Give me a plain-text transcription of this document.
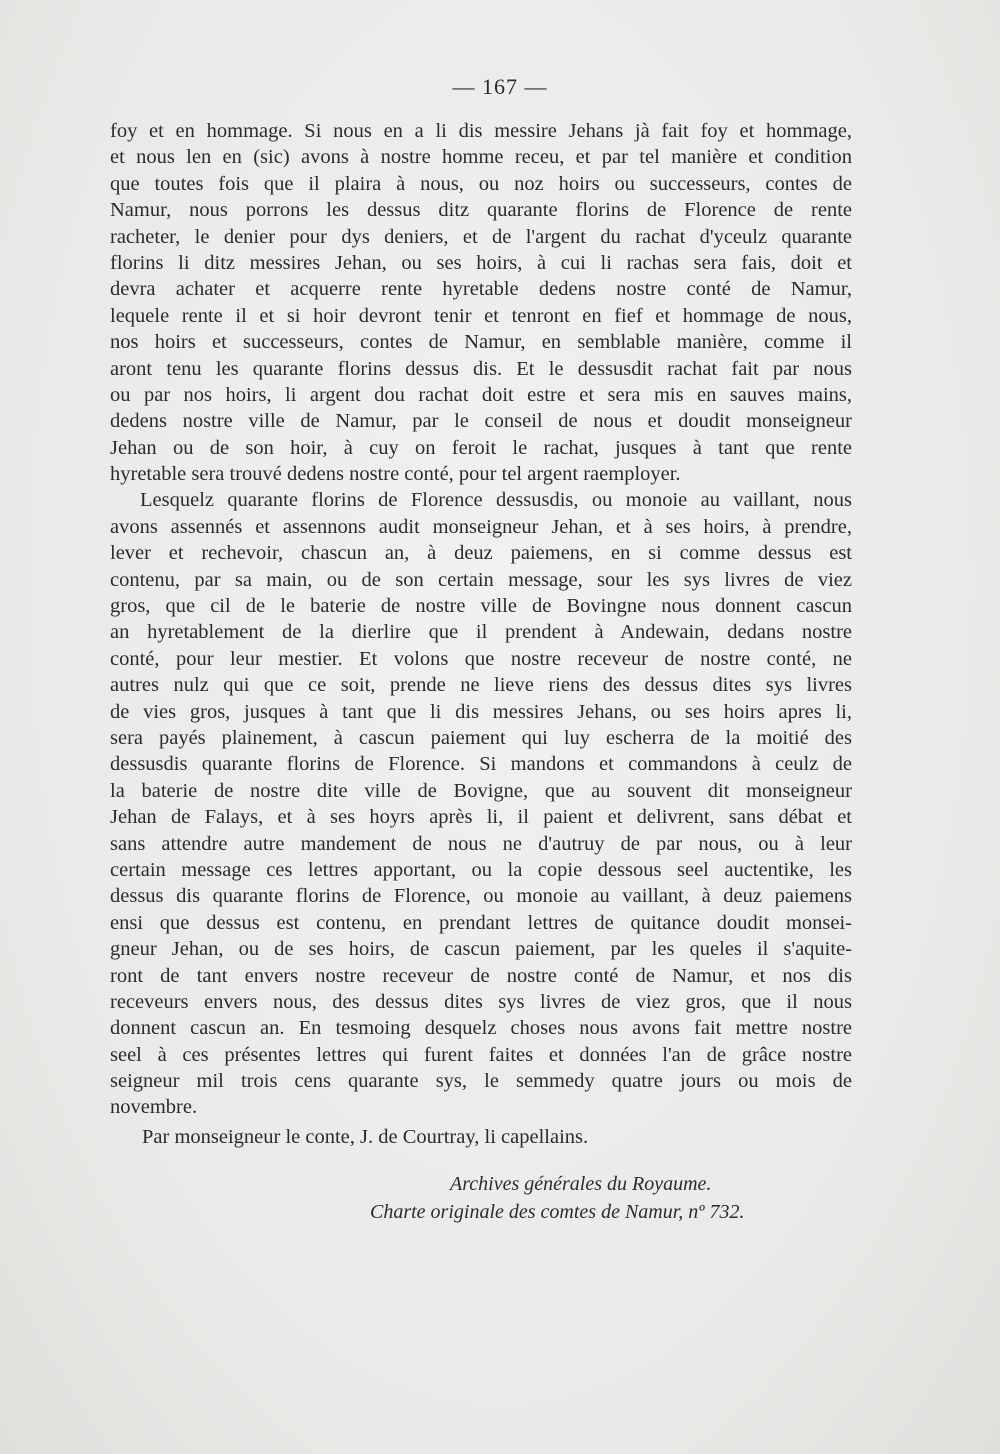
— 167 —
foy et en hommage. Si nous en a li dis messire Jehans jà fait foy et hommage,
et nous len en (sic) avons à nostre homme receu, et par tel manière et condition
que toutes fois que il plaira à nous, ou noz hoirs ou successeurs, contes de
Namur, nous porrons les dessus ditz quarante florins de Florence de rente
racheter, le denier pour dys deniers, et de l'argent du rachat d'yceulz quarante
florins li ditz messires Jehan, ou ses hoirs, à cui li rachas sera fais, doit et
devra achater et acquerre rente hyretable dedens nostre conté de Namur,
lequele rente il et si hoir devront tenir et tenront en fief et hommage de nous,
nos hoirs et successeurs, contes de Namur, en semblable manière, comme il
aront tenu les quarante florins dessus dis. Et le dessusdit rachat fait par nous
ou par nos hoirs, li argent dou rachat doit estre et sera mis en sauves mains,
dedens nostre ville de Namur, par le conseil de nous et doudit monseigneur
Jehan ou de son hoir, à cuy on feroit le rachat, jusques à tant que rente
hyretable sera trouvé dedens nostre conté, pour tel argent raemployer.
Lesquelz quarante florins de Florence dessusdis, ou monoie au vaillant, nous
avons assennés et assennons audit monseigneur Jehan, et à ses hoirs, à prendre,
lever et rechevoir, chascun an, à deuz paiemens, en si comme dessus est
contenu, par sa main, ou de son certain message, sour les sys livres de viez
gros, que cil de le baterie de nostre ville de Bovingne nous donnent cascun
an hyretablement de la dierlire que il prendent à Andewain, dedans nostre
conté, pour leur mestier. Et volons que nostre receveur de nostre conté, ne
autres nulz qui que ce soit, prende ne lieve riens des dessus dites sys livres
de vies gros, jusques à tant que li dis messires Jehans, ou ses hoirs apres li,
sera payés plainement, à cascun paiement qui luy escherra de la moitié des
dessusdis quarante florins de Florence. Si mandons et commandons à ceulz de
la baterie de nostre dite ville de Bovigne, que au souvent dit monseigneur
Jehan de Falays, et à ses hoyrs après li, il paient et delivrent, sans débat et
sans attendre autre mandement de nous ne d'autruy de par nous, ou à leur
certain message ces lettres apportant, ou la copie dessous seel auctentike, les
dessus dis quarante florins de Florence, ou monoie au vaillant, à deuz paiemens
ensi que dessus est contenu, en prendant lettres de quitance doudit monsei-
gneur Jehan, ou de ses hoirs, de cascun paiement, par les queles il s'aquite-
ront de tant envers nostre receveur de nostre conté de Namur, et nos dis
receveurs envers nous, des dessus dites sys livres de viez gros, que il nous
donnent cascun an. En tesmoing desquelz choses nous avons fait mettre nostre
seel à ces présentes lettres qui furent faites et données l'an de grâce nostre
seigneur mil trois cens quarante sys, le semmedy quatre jours ou mois de
novembre.
Par monseigneur le conte, J. de Courtray, li capellains.
Archives générales du Royaume.
Charte originale des comtes de Namur, nº 732.
